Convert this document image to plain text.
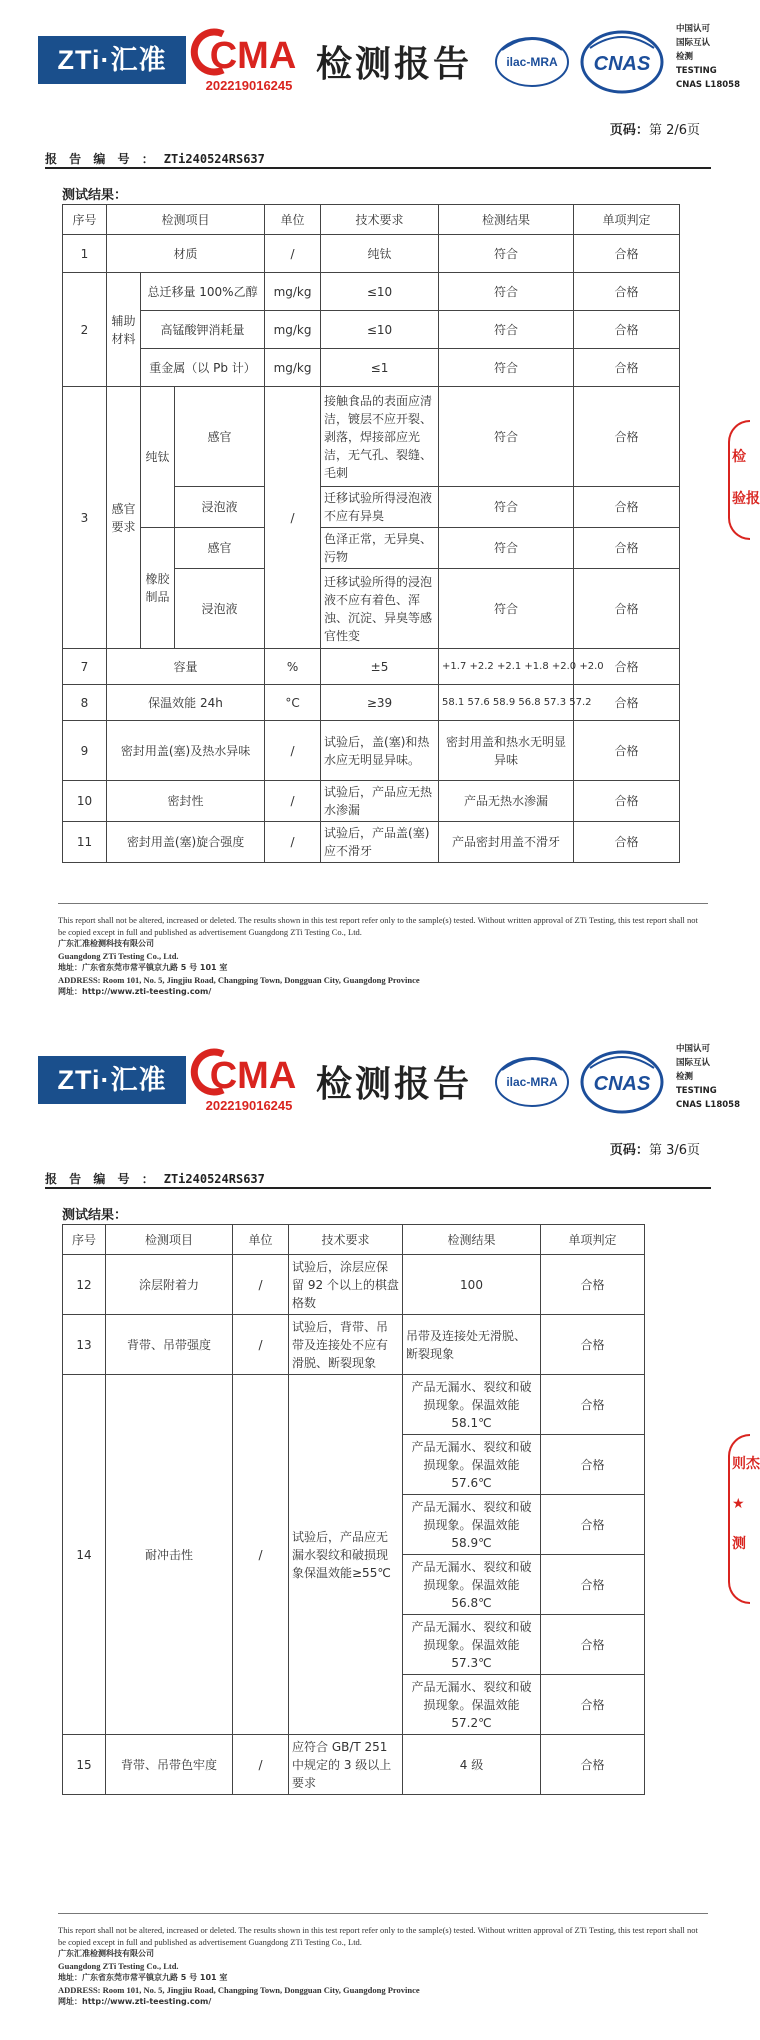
ZTi·汇准	CMA
202219016245
检测报告	ilac-MRA CNAS
中国认可
国际互认
检测
TESTING
CNAS L18058
页码：第 2/6页
报 告 编 号 ： ZTi240524RS637
测试结果：
序号	检测项目			单位	技术要求	检测结果	单项判定
1	材质			/	纯钛	符合	合格
2	辅助材料	总迁移量 100%乙醇		mg/kg	≤10	符合	合格
		高锰酸钾消耗量		mg/kg	≤10	符合	合格
		重金属（以 Pb 计）		mg/kg	≤1	符合	合格
3	感官要求	纯钛	感官	/	接触食品的表面应清洁，镀层不应开裂、剥落，焊接部应光洁，无气孔、裂缝、毛刺	符合	合格
			浸泡液		迁移试验所得浸泡液不应有异臭	符合	合格
		橡胶制品	感官		色泽正常，无异臭、污物	符合	合格
			浸泡液		迁移试验所得的浸泡液不应有着色、浑浊、沉淀、异臭等感官性变	符合	合格
7	容量			%	±5	+1.7 +2.2 +2.1 +1.8 +2.0 +2.0	合格
8	保温效能 24h			°C	≥39	58.1 57.6 58.9 56.8 57.3 57.2	合格
9	密封用盖(塞)及热水异味			/	试验后，盖(塞)和热水应无明显异味。	密封用盖和热水无明显异味	合格
10	密封性			/	试验后，产品应无热水渗漏	产品无热水渗漏	合格
11	密封用盖(塞)旋合强度			/	试验后，产品盖(塞)应不滑牙	产品密封用盖不滑牙	合格
This report shall not be altered, increased or deleted. The results shown in this test report refer only to the sample(s) tested. Without written approval of ZTi Testing, this test report shall not be copied except in full and published as advertisement Guangdong ZTi Testing Co., Ltd.
广东汇准检测科技有限公司
Guangdong ZTi Testing Co., Ltd.
地址：广东省东莞市常平镇京九路 5 号 101 室
ADDRESS: Room 101, No. 5, Jingjiu Road, Changping Town, Dongguan City, Guangdong Province
网址：http://www.zti-teesting.com/
检
验报
ZTi·汇准	CMA
202219016245
检测报告	ilac-MRA CNAS
中国认可
国际互认
检测
TESTING
CNAS L18058
页码：第 3/6页
报 告 编 号 ： ZTi240524RS637
测试结果：
序号	检测项目	单位	技术要求	检测结果	单项判定
12	涂层附着力	/	试验后，涂层应保留 92 个以上的棋盘格数	100	合格
13	背带、吊带强度	/	试验后，背带、吊带及连接处不应有滑脱、断裂现象	吊带及连接处无滑脱、断裂现象	合格
14	耐冲击性	/	试验后，产品应无漏水裂纹和破损现象保温效能≥55℃	产品无漏水、裂纹和破损现象。保温效能 58.1℃	合格
				产品无漏水、裂纹和破损现象。保温效能 57.6℃	合格
				产品无漏水、裂纹和破损现象。保温效能 58.9℃	合格
				产品无漏水、裂纹和破损现象。保温效能 56.8℃	合格
				产品无漏水、裂纹和破损现象。保温效能 57.3℃	合格
				产品无漏水、裂纹和破损现象。保温效能 57.2℃	合格
15	背带、吊带色牢度	/	应符合 GB/T 251 中规定的 3 级以上要求	4 级	合格
This report shall not be altered, increased or deleted. The results shown in this test report refer only to the sample(s) tested. Without written approval of ZTi Testing, this test report shall not be copied except in full and published as advertisement Guangdong ZTi Testing Co., Ltd.
广东汇准检测科技有限公司
Guangdong ZTi Testing Co., Ltd.
地址：广东省东莞市常平镇京九路 5 号 101 室
ADDRESS: Room 101, No. 5, Jingjiu Road, Changping Town, Dongguan City, Guangdong Province
网址：http://www.zti-teesting.com/
则杰
★
测
